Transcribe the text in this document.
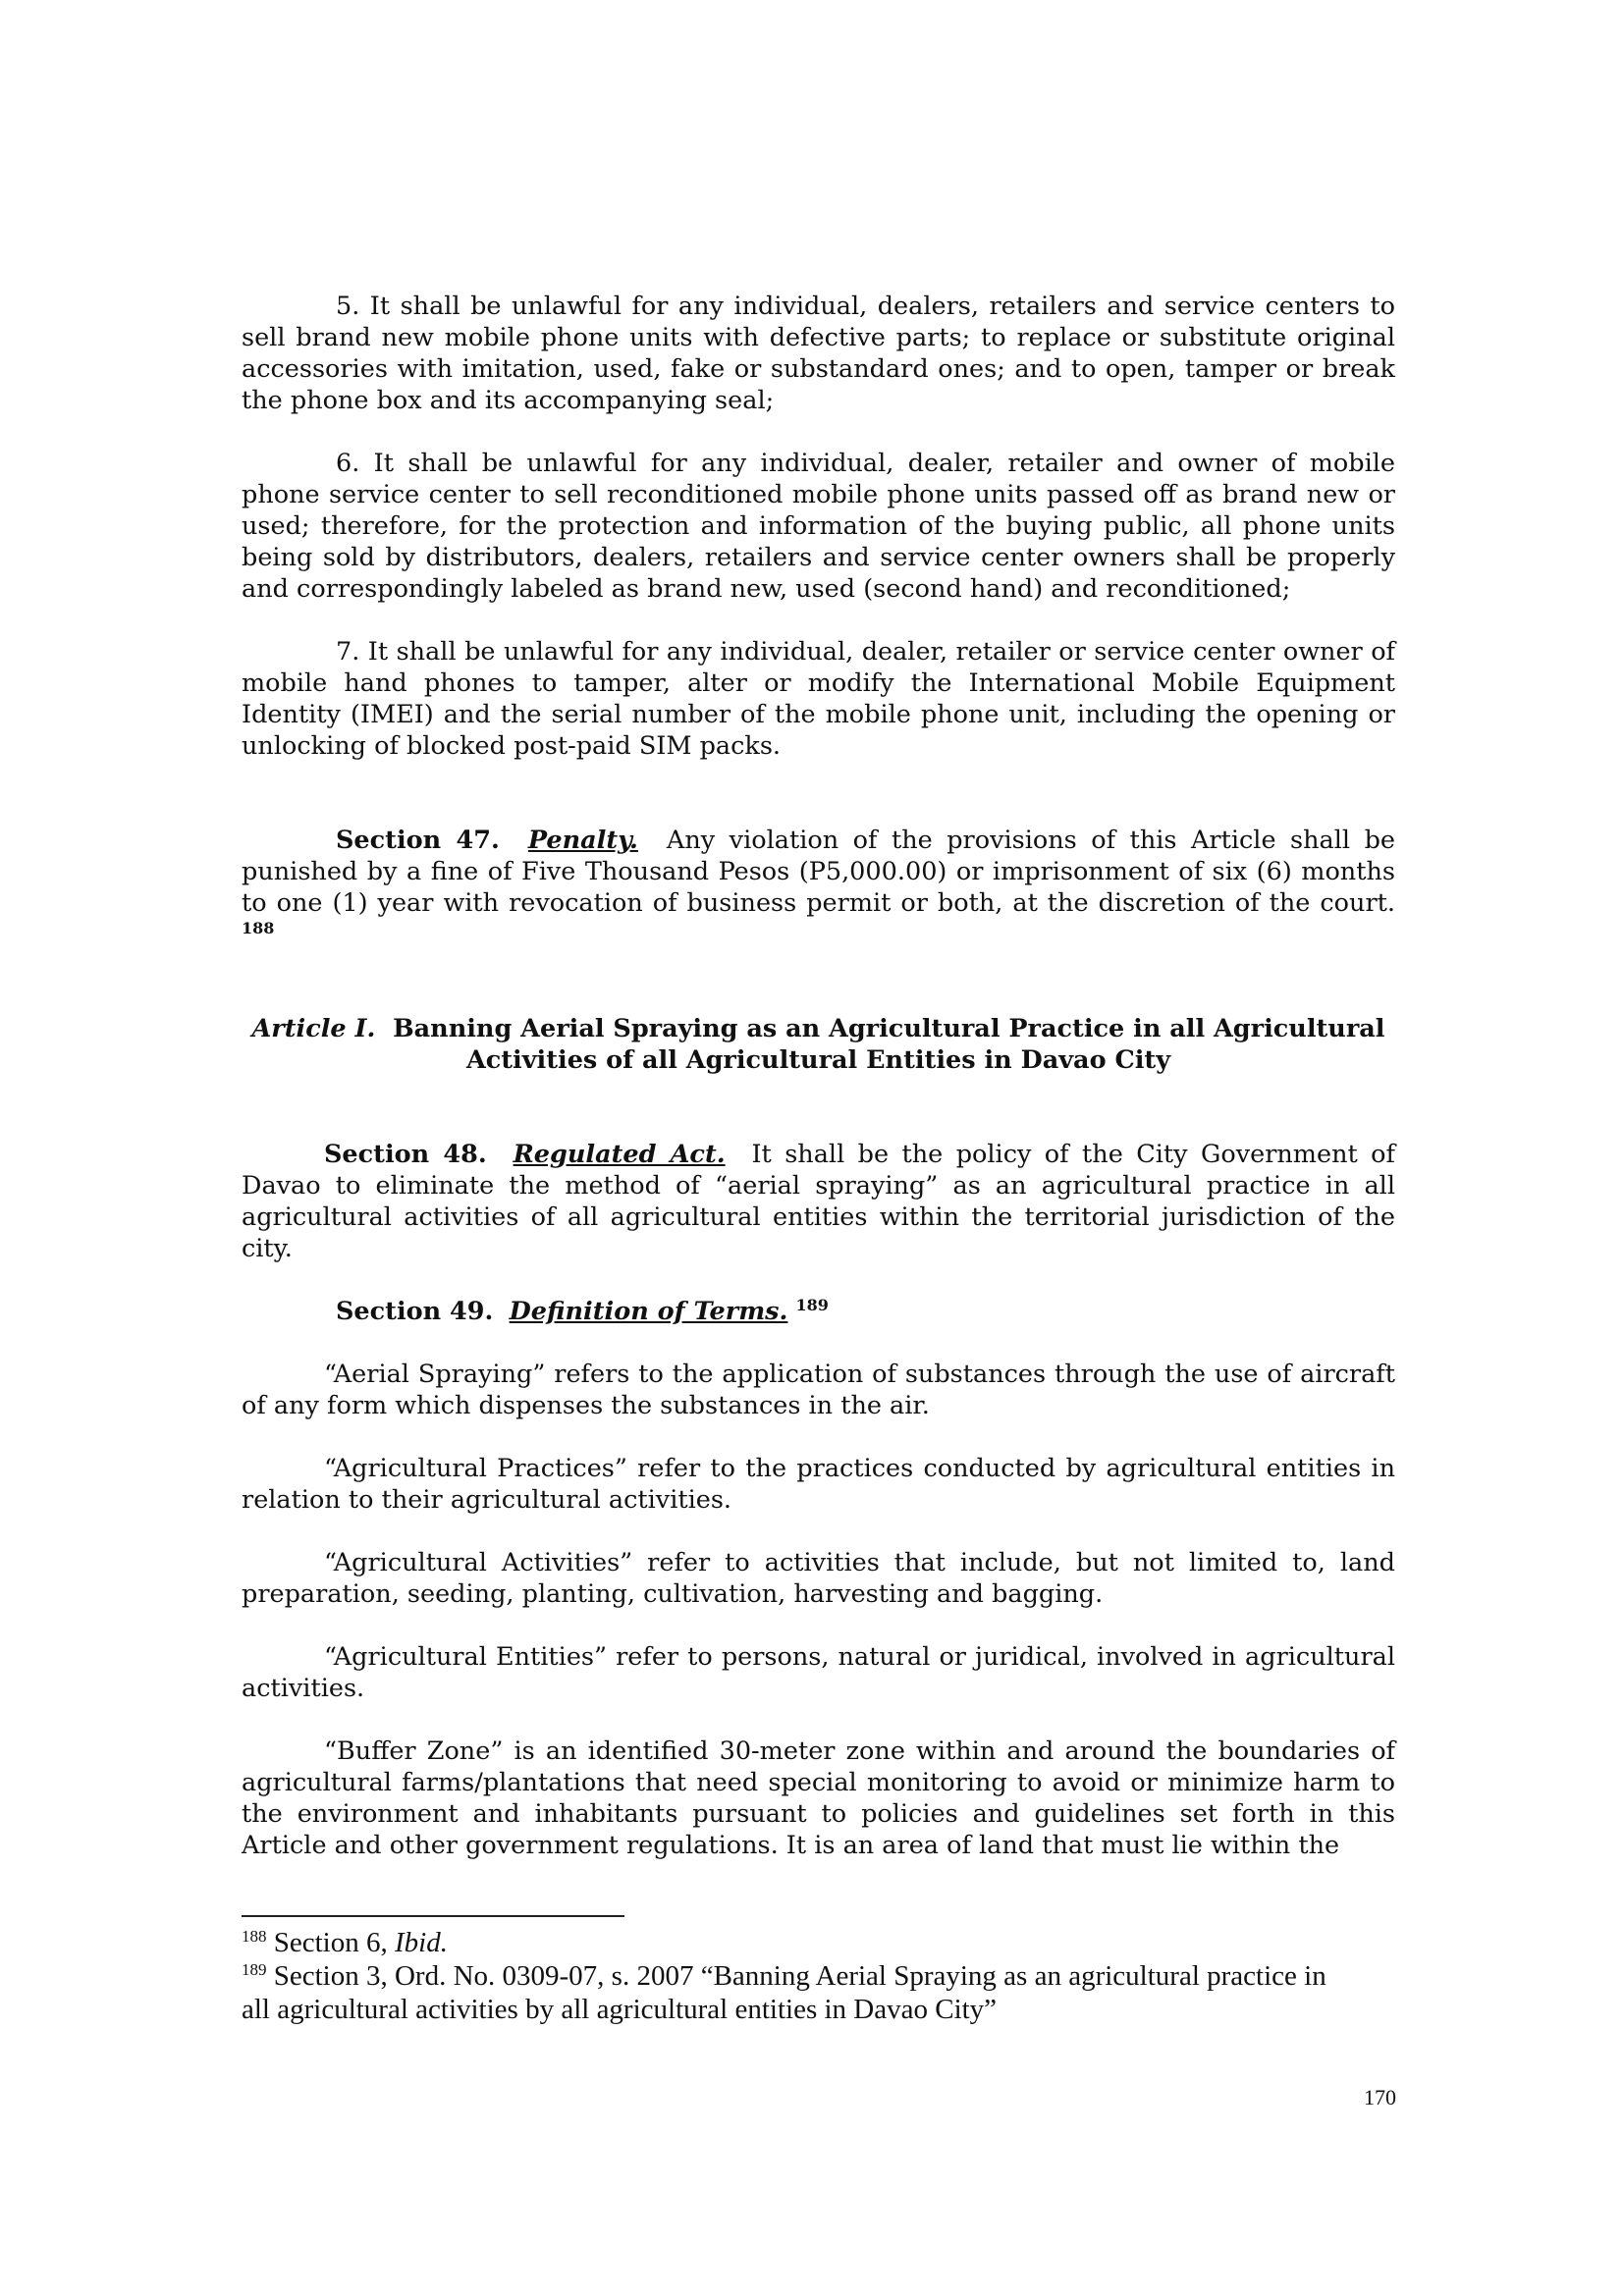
5. It shall be unlawful for any individual, dealers, retailers and service centers to sell brand new mobile phone units with defective parts; to replace or substitute original accessories with imitation, used, fake or substandard ones; and to open, tamper or break the phone box and its accompanying seal;

6. It shall be unlawful for any individual, dealer, retailer and owner of mobile phone service center to sell reconditioned mobile phone units passed off as brand new or used; therefore, for the protection and information of the buying public, all phone units being sold by distributors, dealers, retailers and service center owners shall be properly and correspondingly labeled as brand new, used (second hand) and reconditioned;

7. It shall be unlawful for any individual, dealer, retailer or service center owner of mobile hand phones to tamper, alter or modify the International Mobile Equipment Identity (IMEI) and the serial number of the mobile phone unit, including the opening or unlocking of blocked post-paid SIM packs.

Section 47. Penalty. Any violation of the provisions of this Article shall be punished by a fine of Five Thousand Pesos (P5,000.00) or imprisonment of six (6) months to one (1) year with revocation of business permit or both, at the discretion of the court. $^{188}$

Article I. Banning Aerial Spraying as an Agricultural Practice in all Agricultural
Activities of all Agricultural Entities in Davao City

Section 48. Regulated Act. It shall be the policy of the City Government of Davao to eliminate the method of “aerial spraying” as an agricultural practice in all agricultural activities of all agricultural entities within the territorial jurisdiction of the city.

Section 49. Definition of Terms. $^{189}$

“Aerial Spraying” refers to the application of substances through the use of aircraft of any form which dispenses the substances in the air.

“Agricultural Practices” refer to the practices conducted by agricultural entities in relation to their agricultural activities.

“Agricultural Activities” refer to activities that include, but not limited to, land preparation, seeding, planting, cultivation, harvesting and bagging.

“Agricultural Entities” refer to persons, natural or juridical, involved in agricultural activities.

“Buffer Zone” is an identified 30-meter zone within and around the boundaries of agricultural farms/plantations that need special monitoring to avoid or minimize harm to the environment and inhabitants pursuant to policies and guidelines set forth in this Article and other government regulations. It is an area of land that must lie within the

$^{188}$ Section 6, Ibid.

$^{189}$ Section 3, Ord. No. 0309-07, s. 2007 “Banning Aerial Spraying as an agricultural practice in all agricultural activities by all agricultural entities in Davao City”

170
